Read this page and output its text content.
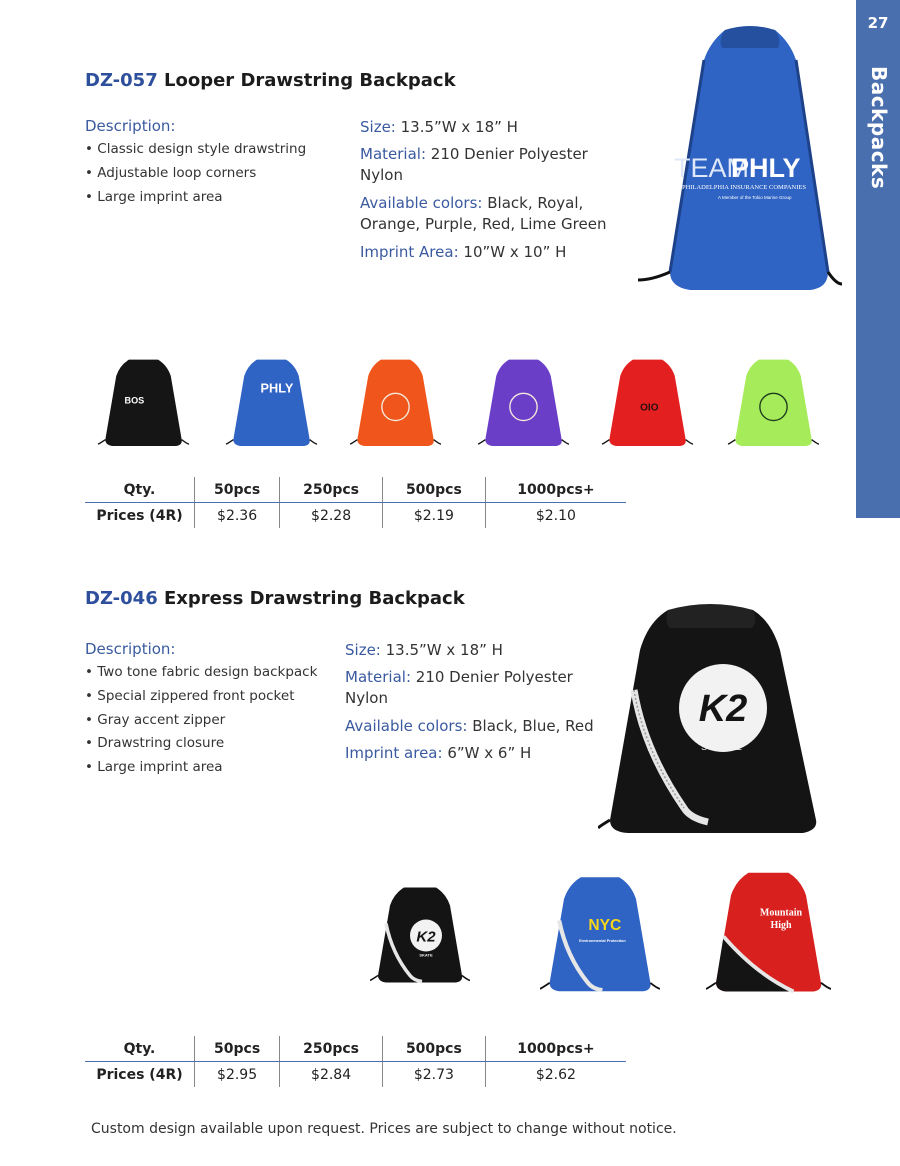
27
Backpacks
DZ-057 Looper Drawstring Backpack
Description:
• Classic design style drawstring
• Adjustable loop corners
• Large imprint area
Size: 13.5”W x 18” H
Material: 210 Denier Polyester
Nylon
Available colors: Black, Royal,
Orange, Purple, Red, Lime Green
Imprint Area: 10”W x 10” H
TEAM
PHLY
PHILADELPHIA INSURANCE COMPANIES
A Member of the Tokio Marine Group
BOS
PHLY
OIO
Qty.	50pcs	250pcs	500pcs	1000pcs+
Prices (4R)	$2.36	$2.28	$2.19	$2.10
DZ-046 Express Drawstring Backpack
Description:
• Two tone fabric design backpack
• Special zippered front pocket
• Gray accent zipper
• Drawstring closure
• Large imprint area
Size: 13.5”W x 18” H
Material: 210 Denier Polyester
Nylon
Available colors: Black, Blue, Red
Imprint area: 6”W x 6” H
K2
SKATE
K2
SKATE
NYC
Environmental Protection
Mountain
High
Qty.	50pcs	250pcs	500pcs	1000pcs+
Prices (4R)	$2.95	$2.84	$2.73	$2.62
Custom design available upon request. Prices are subject to change without notice.
